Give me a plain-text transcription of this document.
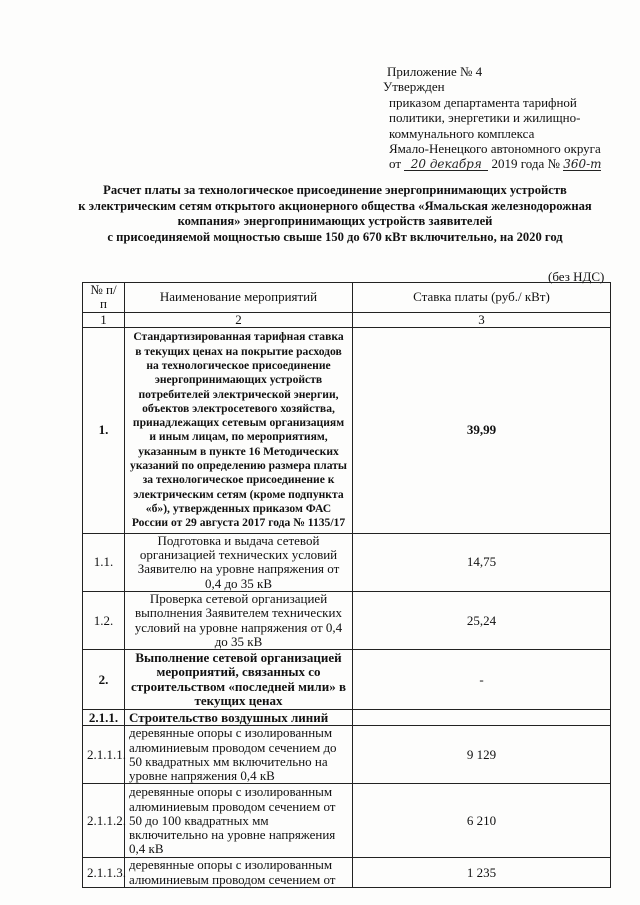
Приложение № 4
Утвержден
приказом департамента тарифной
политики, энергетики и жилищно-
коммунального комплекса
Ямало-Ненецкого автономного округа
от 20 декабря 2019 года № 360-т
Расчет платы за технологическое присоединение энергопринимающих устройств
к электрическим сетям открытого акционерного общества «Ямальская железнодорожная
компания» энергопринимающих устройств заявителей
с присоединяемой мощностью свыше 150 до 670 кВт включительно, на 2020 год
(без НДС)
№ п/п	Наименование мероприятий	Ставка платы (руб./ кВт)
1	2	3
1.	Стандартизированная тарифная ставка в текущих ценах на покрытие расходов на технологическое присоединение энергопринимающих устройств потребителей электрической энергии, объектов электросетевого хозяйства, принадлежащих сетевым организациям и иным лицам, по мероприятиям, указанным в пункте 16 Методических указаний по определению размера платы за технологическое присоединение к электрическим сетям (кроме подпункта «б»), утвержденных приказом ФАС России от 29 августа 2017 года № 1135/17	39,99
1.1.	Подготовка и выдача сетевой организацией технических условий Заявителю на уровне напряжения от 0,4 до 35 кВ	14,75
1.2.	Проверка сетевой организацией выполнения Заявителем технических условий на уровне напряжения от 0,4 до 35 кВ	25,24
2.	Выполнение сетевой организацией мероприятий, связанных со строительством «последней мили» в текущих ценах	-
2.1.1.	Строительство воздушных линий	
2.1.1.1.	деревянные опоры с изолированным алюминиевым проводом сечением до 50 квадратных мм включительно на уровне напряжения 0,4 кВ	9 129
2.1.1.2.	деревянные опоры с изолированным алюминиевым проводом сечением от 50 до 100 квадратных мм включительно на уровне напряжения 0,4 кВ	6 210
2.1.1.3.	деревянные опоры с изолированным алюминиевым проводом сечением от	1 235
